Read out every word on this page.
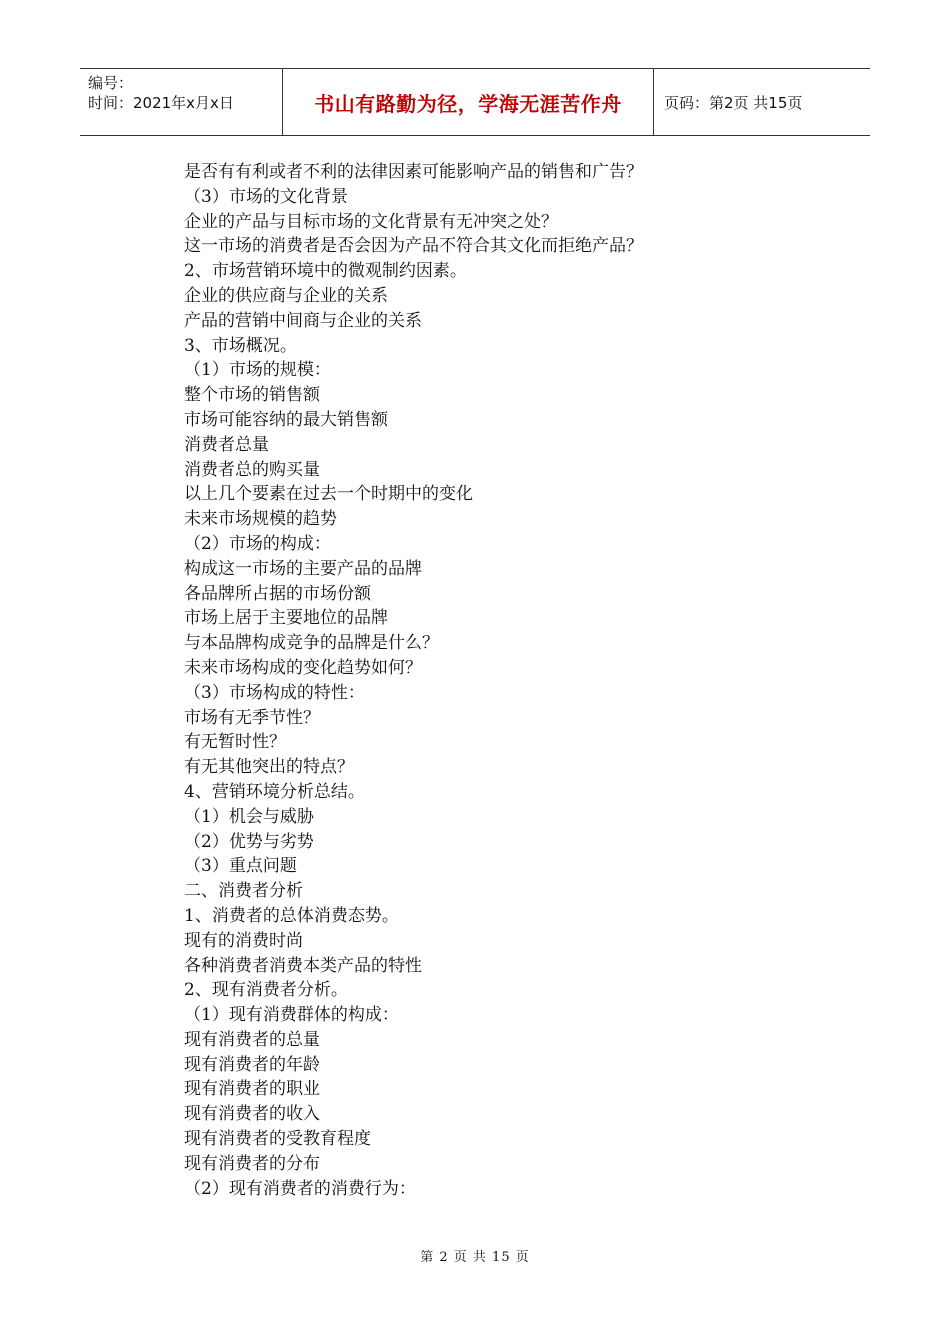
编号：
时间：2021年x月x日	书山有路勤为径，学海无涯苦作舟	页码：第2页 共15页
是否有有利或者不利的法律因素可能影响产品的销售和广告？
（3）市场的文化背景
企业的产品与目标市场的文化背景有无冲突之处？
这一市场的消费者是否会因为产品不符合其文化而拒绝产品？
2、市场营销环境中的微观制约因素。
企业的供应商与企业的关系
产品的营销中间商与企业的关系
3、市场概况。
（1）市场的规模：
整个市场的销售额
市场可能容纳的最大销售额
消费者总量
消费者总的购买量
以上几个要素在过去一个时期中的变化
未来市场规模的趋势
（2）市场的构成：
构成这一市场的主要产品的品牌
各品牌所占据的市场份额
市场上居于主要地位的品牌
与本品牌构成竞争的品牌是什么？
未来市场构成的变化趋势如何？
（3）市场构成的特性：
市场有无季节性？
有无暂时性？
有无其他突出的特点？
4、营销环境分析总结。
（1）机会与威胁
（2）优势与劣势
（3）重点问题
二、消费者分析
1、消费者的总体消费态势。
现有的消费时尚
各种消费者消费本类产品的特性
2、现有消费者分析。
（1）现有消费群体的构成：
现有消费者的总量
现有消费者的年龄
现有消费者的职业
现有消费者的收入
现有消费者的受教育程度
现有消费者的分布
（2）现有消费者的消费行为：
第 2 页 共 15 页
